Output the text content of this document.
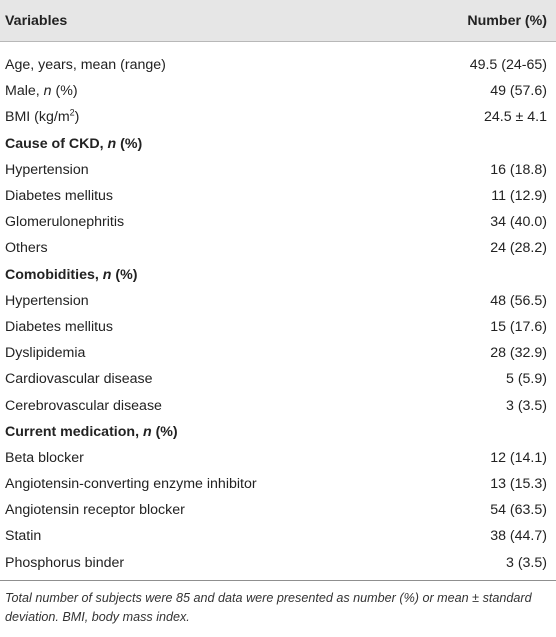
Variables	Number (%)
Age, years, mean (range)	49.5 (24-65)
Male, n (%)	49 (57.6)
BMI $(kg/m^2)$	24.5 ± 4.1
Cause of CKD, n (%)
Hypertension	16 (18.8)
Diabetes mellitus	11 (12.9)
Glomerulonephritis	34 (40.0)
Others	24 (28.2)
Comobidities, n (%)
Hypertension	48 (56.5)
Diabetes mellitus	15 (17.6)
Dyslipidemia	28 (32.9)
Cardiovascular disease	5 (5.9)
Cerebrovascular disease	3 (3.5)
Current medication, n (%)
Beta blocker	12 (14.1)
Angiotensin-converting enzyme inhibitor	13 (15.3)
Angiotensin receptor blocker	54 (63.5)
Statin	38 (44.7)
Phosphorus binder	3 (3.5)
Total number of subjects were 85 and data were presented as number (%) or mean ± standard deviation. BMI, body mass index.
